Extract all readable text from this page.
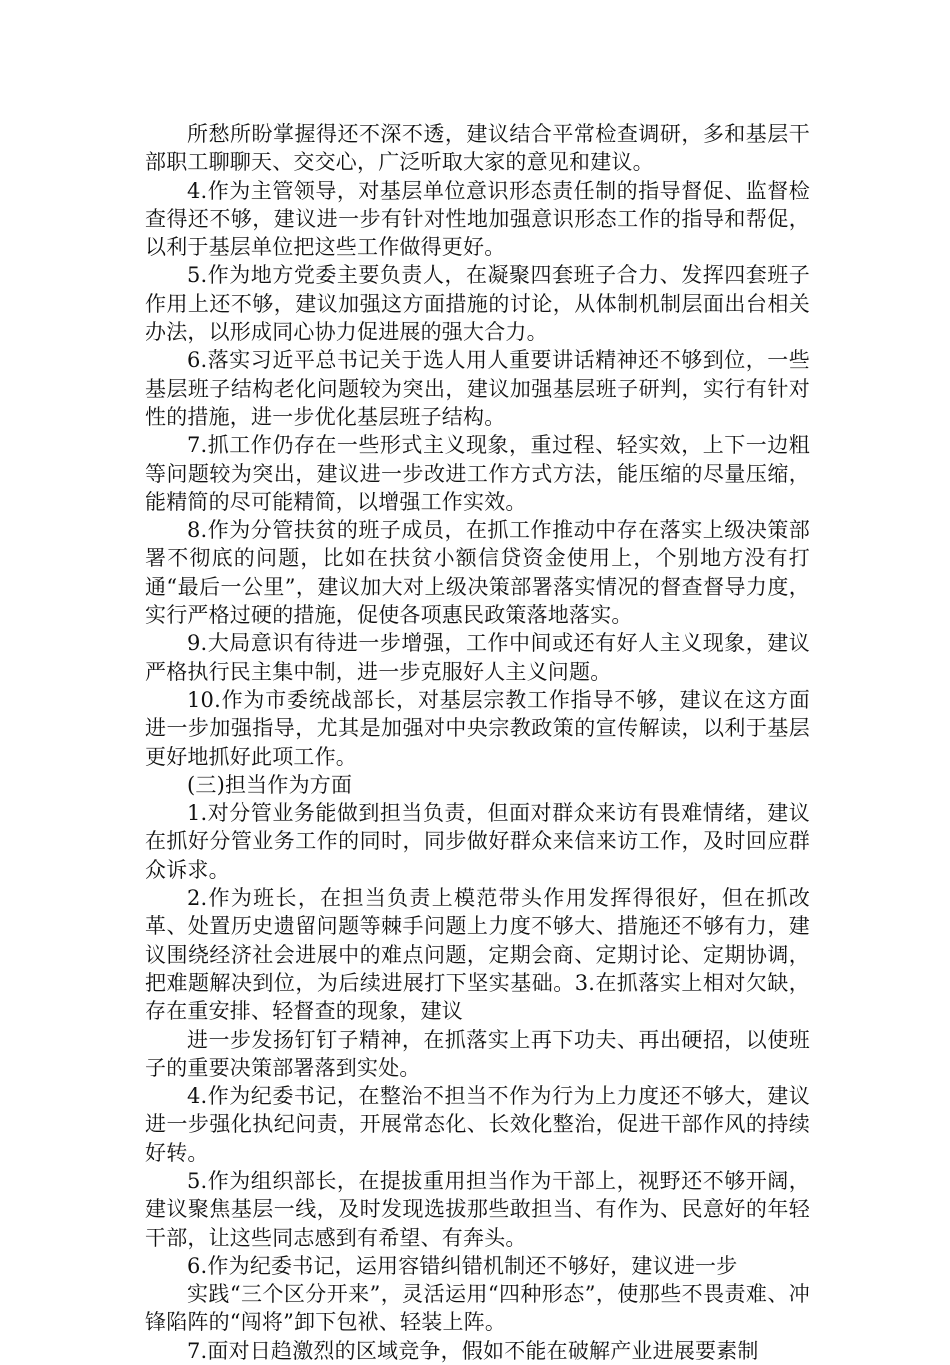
所愁所盼掌握得还不深不透，建议结合平常检查调研，多和基层干部职工聊聊天、交交心，广泛听取大家的意见和建议。

4.作为主管领导，对基层单位意识形态责任制的指导督促、监督检查得还不够，建议进一步有针对性地加强意识形态工作的指导和帮促，以利于基层单位把这些工作做得更好。

5.作为地方党委主要负责人，在凝聚四套班子合力、发挥四套班子作用上还不够，建议加强这方面措施的讨论，从体制机制层面出台相关办法，以形成同心协力促进展的强大合力。

6.落实习近平总书记关于选人用人重要讲话精神还不够到位，一些基层班子结构老化问题较为突出，建议加强基层班子研判，实行有针对性的措施，进一步优化基层班子结构。

7.抓工作仍存在一些形式主义现象，重过程、轻实效，上下一边粗等问题较为突出，建议进一步改进工作方式方法，能压缩的尽量压缩，能精简的尽可能精简，以增强工作实效。

8.作为分管扶贫的班子成员，在抓工作推动中存在落实上级决策部署不彻底的问题，比如在扶贫小额信贷资金使用上，个别地方没有打通“最后一公里”，建议加大对上级决策部署落实情况的督查督导力度，实行严格过硬的措施，促使各项惠民政策落地落实。

9.大局意识有待进一步增强，工作中间或还有好人主义现象，建议严格执行民主集中制，进一步克服好人主义问题。

10.作为市委统战部长，对基层宗教工作指导不够，建议在这方面进一步加强指导，尤其是加强对中央宗教政策的宣传解读，以利于基层更好地抓好此项工作。

(三)担当作为方面

1.对分管业务能做到担当负责，但面对群众来访有畏难情绪，建议在抓好分管业务工作的同时，同步做好群众来信来访工作，及时回应群众诉求。

2.作为班长，在担当负责上模范带头作用发挥得很好，但在抓改革、处置历史遗留问题等棘手问题上力度不够大、措施还不够有力，建议围绕经济社会进展中的难点问题，定期会商、定期讨论、定期协调，把难题解决到位，为后续进展打下坚实基础。3.在抓落实上相对欠缺，存在重安排、轻督查的现象，建议

进一步发扬钉钉子精神，在抓落实上再下功夫、再出硬招，以使班子的重要决策部署落到实处。

4.作为纪委书记，在整治不担当不作为行为上力度还不够大，建议进一步强化执纪问责，开展常态化、长效化整治，促进干部作风的持续好转。

5.作为组织部长，在提拔重用担当作为干部上，视野还不够开阔，建议聚焦基层一线，及时发现选拔那些敢担当、有作为、民意好的年轻干部，让这些同志感到有希望、有奔头。

6.作为纪委书记，运用容错纠错机制还不够好，建议进一步

实践“三个区分开来”，灵活运用“四种形态”，使那些不畏责难、冲锋陷阵的“闯将”卸下包袱、轻装上阵。

7.面对日趋激烈的区域竞争，假如不能在破解产业进展要素制
